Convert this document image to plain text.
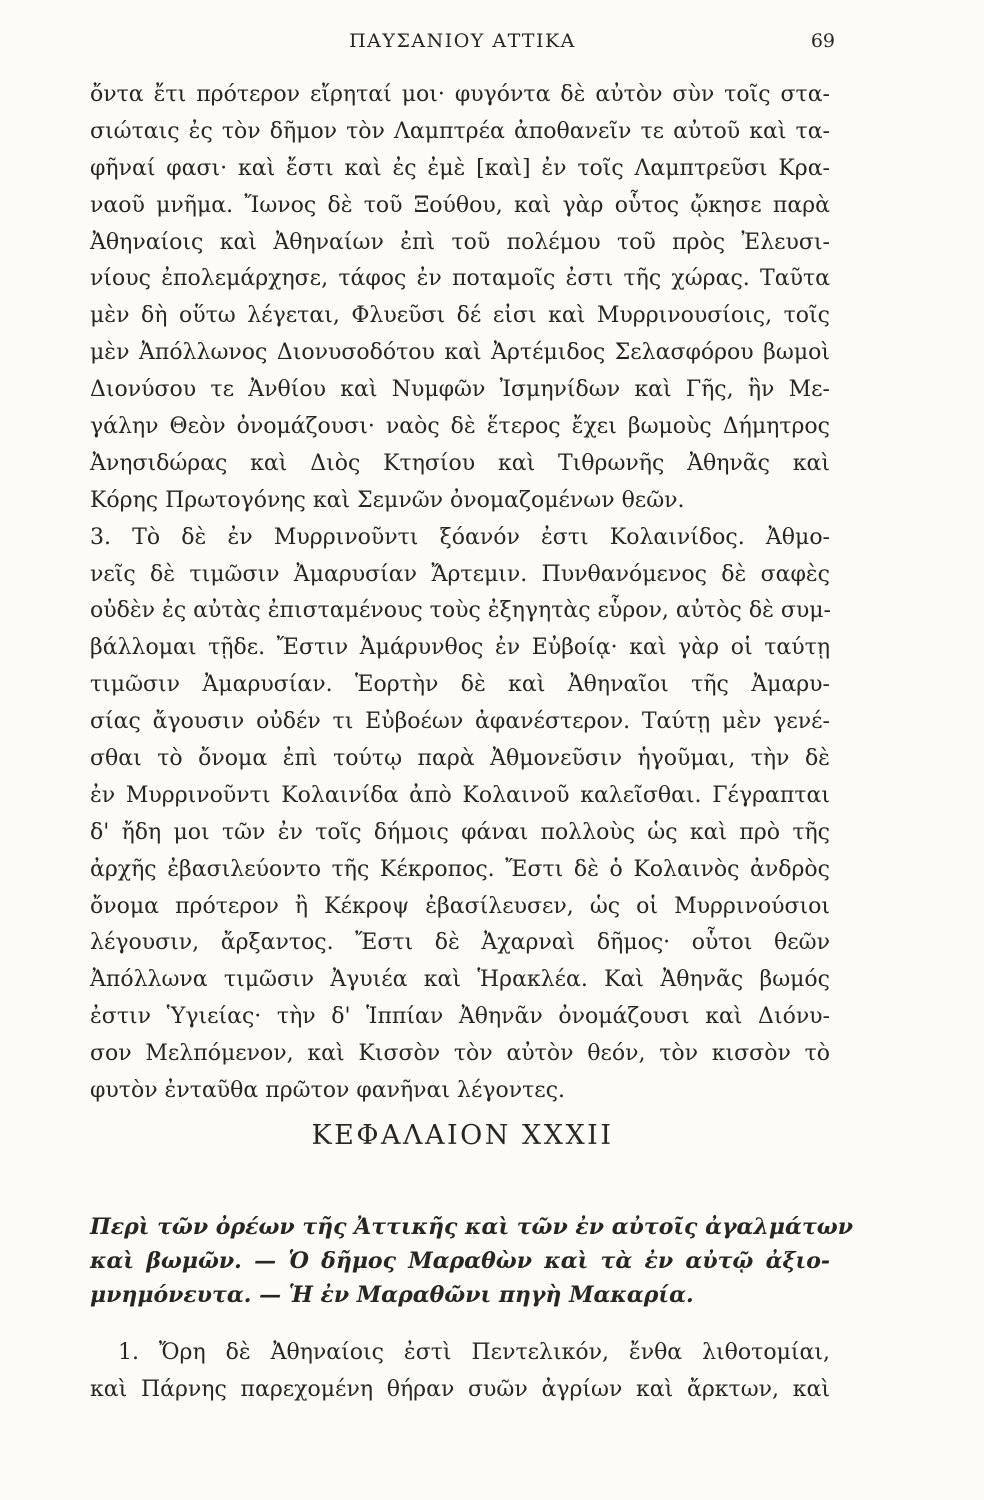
ΠΑΥΣΑΝΙΟΥ ΑΤΤΙΚΑ	69
ὄντα ἔτι πρότερον εἴρηταί μοι· φυγόντα δὲ αὐτὸν σὺν τοῖς στα-
σιώταις ἐς τὸν δῆμον τὸν Λαμπτρέα ἀποθανεῖν τε αὐτοῦ καὶ τα-
φῆναί φασι· καὶ ἔστι καὶ ἐς ἐμὲ [καὶ] ἐν τοῖς Λαμπτρεῦσι Κρα-
ναοῦ μνῆμα. Ἴωνος δὲ τοῦ Ξούθου, καὶ γὰρ οὗτος ᾤκησε παρὰ
Ἀθηναίοις καὶ Ἀθηναίων ἐπὶ τοῦ πολέμου τοῦ πρὸς Ἐλευσι-
νίους ἐπολεμάρχησε, τάφος ἐν ποταμοῖς ἐστι τῆς χώρας. Ταῦτα
μὲν δὴ οὕτω λέγεται, Φλυεῦσι δέ εἰσι καὶ Μυρρινουσίοις, τοῖς
μὲν Ἀπόλλωνος Διονυσοδότου καὶ Ἀρτέμιδος Σελασφόρου βωμοὶ
Διονύσου τε Ἀνθίου καὶ Νυμφῶν Ἰσμηνίδων καὶ Γῆς, ἣν Με-
γάλην Θεὸν ὀνομάζουσι· ναὸς δὲ ἕτερος ἔχει βωμοὺς Δήμητρος
Ἀνησιδώρας καὶ Διὸς Κτησίου καὶ Τιθρωνῆς Ἀθηνᾶς καὶ
Κόρης Πρωτογόνης καὶ Σεμνῶν ὀνομαζομένων θεῶν.
3. Τὸ δὲ ἐν Μυρρινοῦντι ξόανόν ἐστι Κολαινίδος. Ἀθμο-
νεῖς δὲ τιμῶσιν Ἀμαρυσίαν Ἄρτεμιν. Πυνθανόμενος δὲ σαφὲς
οὐδὲν ἐς αὐτὰς ἐπισταμένους τοὺς ἐξηγητὰς εὗρον, αὐτὸς δὲ συμ-
βάλλομαι τῇδε. Ἔστιν Ἀμάρυνθος ἐν Εὐβοίᾳ· καὶ γὰρ οἱ ταύτῃ
τιμῶσιν Ἀμαρυσίαν. Ἑορτὴν δὲ καὶ Ἀθηναῖοι τῆς Ἀμαρυ-
σίας ἄγουσιν οὐδέν τι Εὐβοέων ἀφανέστερον. Ταύτῃ μὲν γενέ-
σθαι τὸ ὄνομα ἐπὶ τούτῳ παρὰ Ἀθμονεῦσιν ἡγοῦμαι, τὴν δὲ
ἐν Μυρρινοῦντι Κολαινίδα ἀπὸ Κολαινοῦ καλεῖσθαι. Γέγραπται
δ' ἤδη μοι τῶν ἐν τοῖς δήμοις φάναι πολλοὺς ὡς καὶ πρὸ τῆς
ἀρχῆς ἐβασιλεύοντο τῆς Κέκροπος. Ἔστι δὲ ὁ Κολαινὸς ἀνδρὸς
ὄνομα πρότερον ἢ Κέκροψ ἐβασίλευσεν, ὡς οἱ Μυρρινούσιοι
λέγουσιν, ἄρξαντος. Ἔστι δὲ Ἀχαρναὶ δῆμος· οὗτοι θεῶν
Ἀπόλλωνα τιμῶσιν Ἀγυιέα καὶ Ἡρακλέα. Καὶ Ἀθηνᾶς βωμός
ἐστιν Ὑγιείας· τὴν δ' Ἱππίαν Ἀθηνᾶν ὀνομάζουσι καὶ Διόνυ-
σον Μελπόμενον, καὶ Κισσὸν τὸν αὐτὸν θεόν, τὸν κισσὸν τὸ
φυτὸν ἐνταῦθα πρῶτον φανῆναι λέγοντες.
ΚΕΦΑΛΑΙΟΝ XXXII
Περὶ τῶν ὀρέων τῆς Ἀττικῆς καὶ τῶν ἐν αὐτοῖς ἀγαλμάτων
καὶ βωμῶν. — Ὁ δῆμος Μαραθὼν καὶ τὰ ἐν αὐτῷ ἀξιο-
μνημόνευτα. — Ἡ ἐν Μαραθῶνι πηγὴ Μακαρία.
1. Ὄρη δὲ Ἀθηναίοις ἐστὶ Πεντελικόν, ἔνθα λιθοτομίαι,
καὶ Πάρνης παρεχομένη θήραν συῶν ἀγρίων καὶ ἄρκτων, καὶ
